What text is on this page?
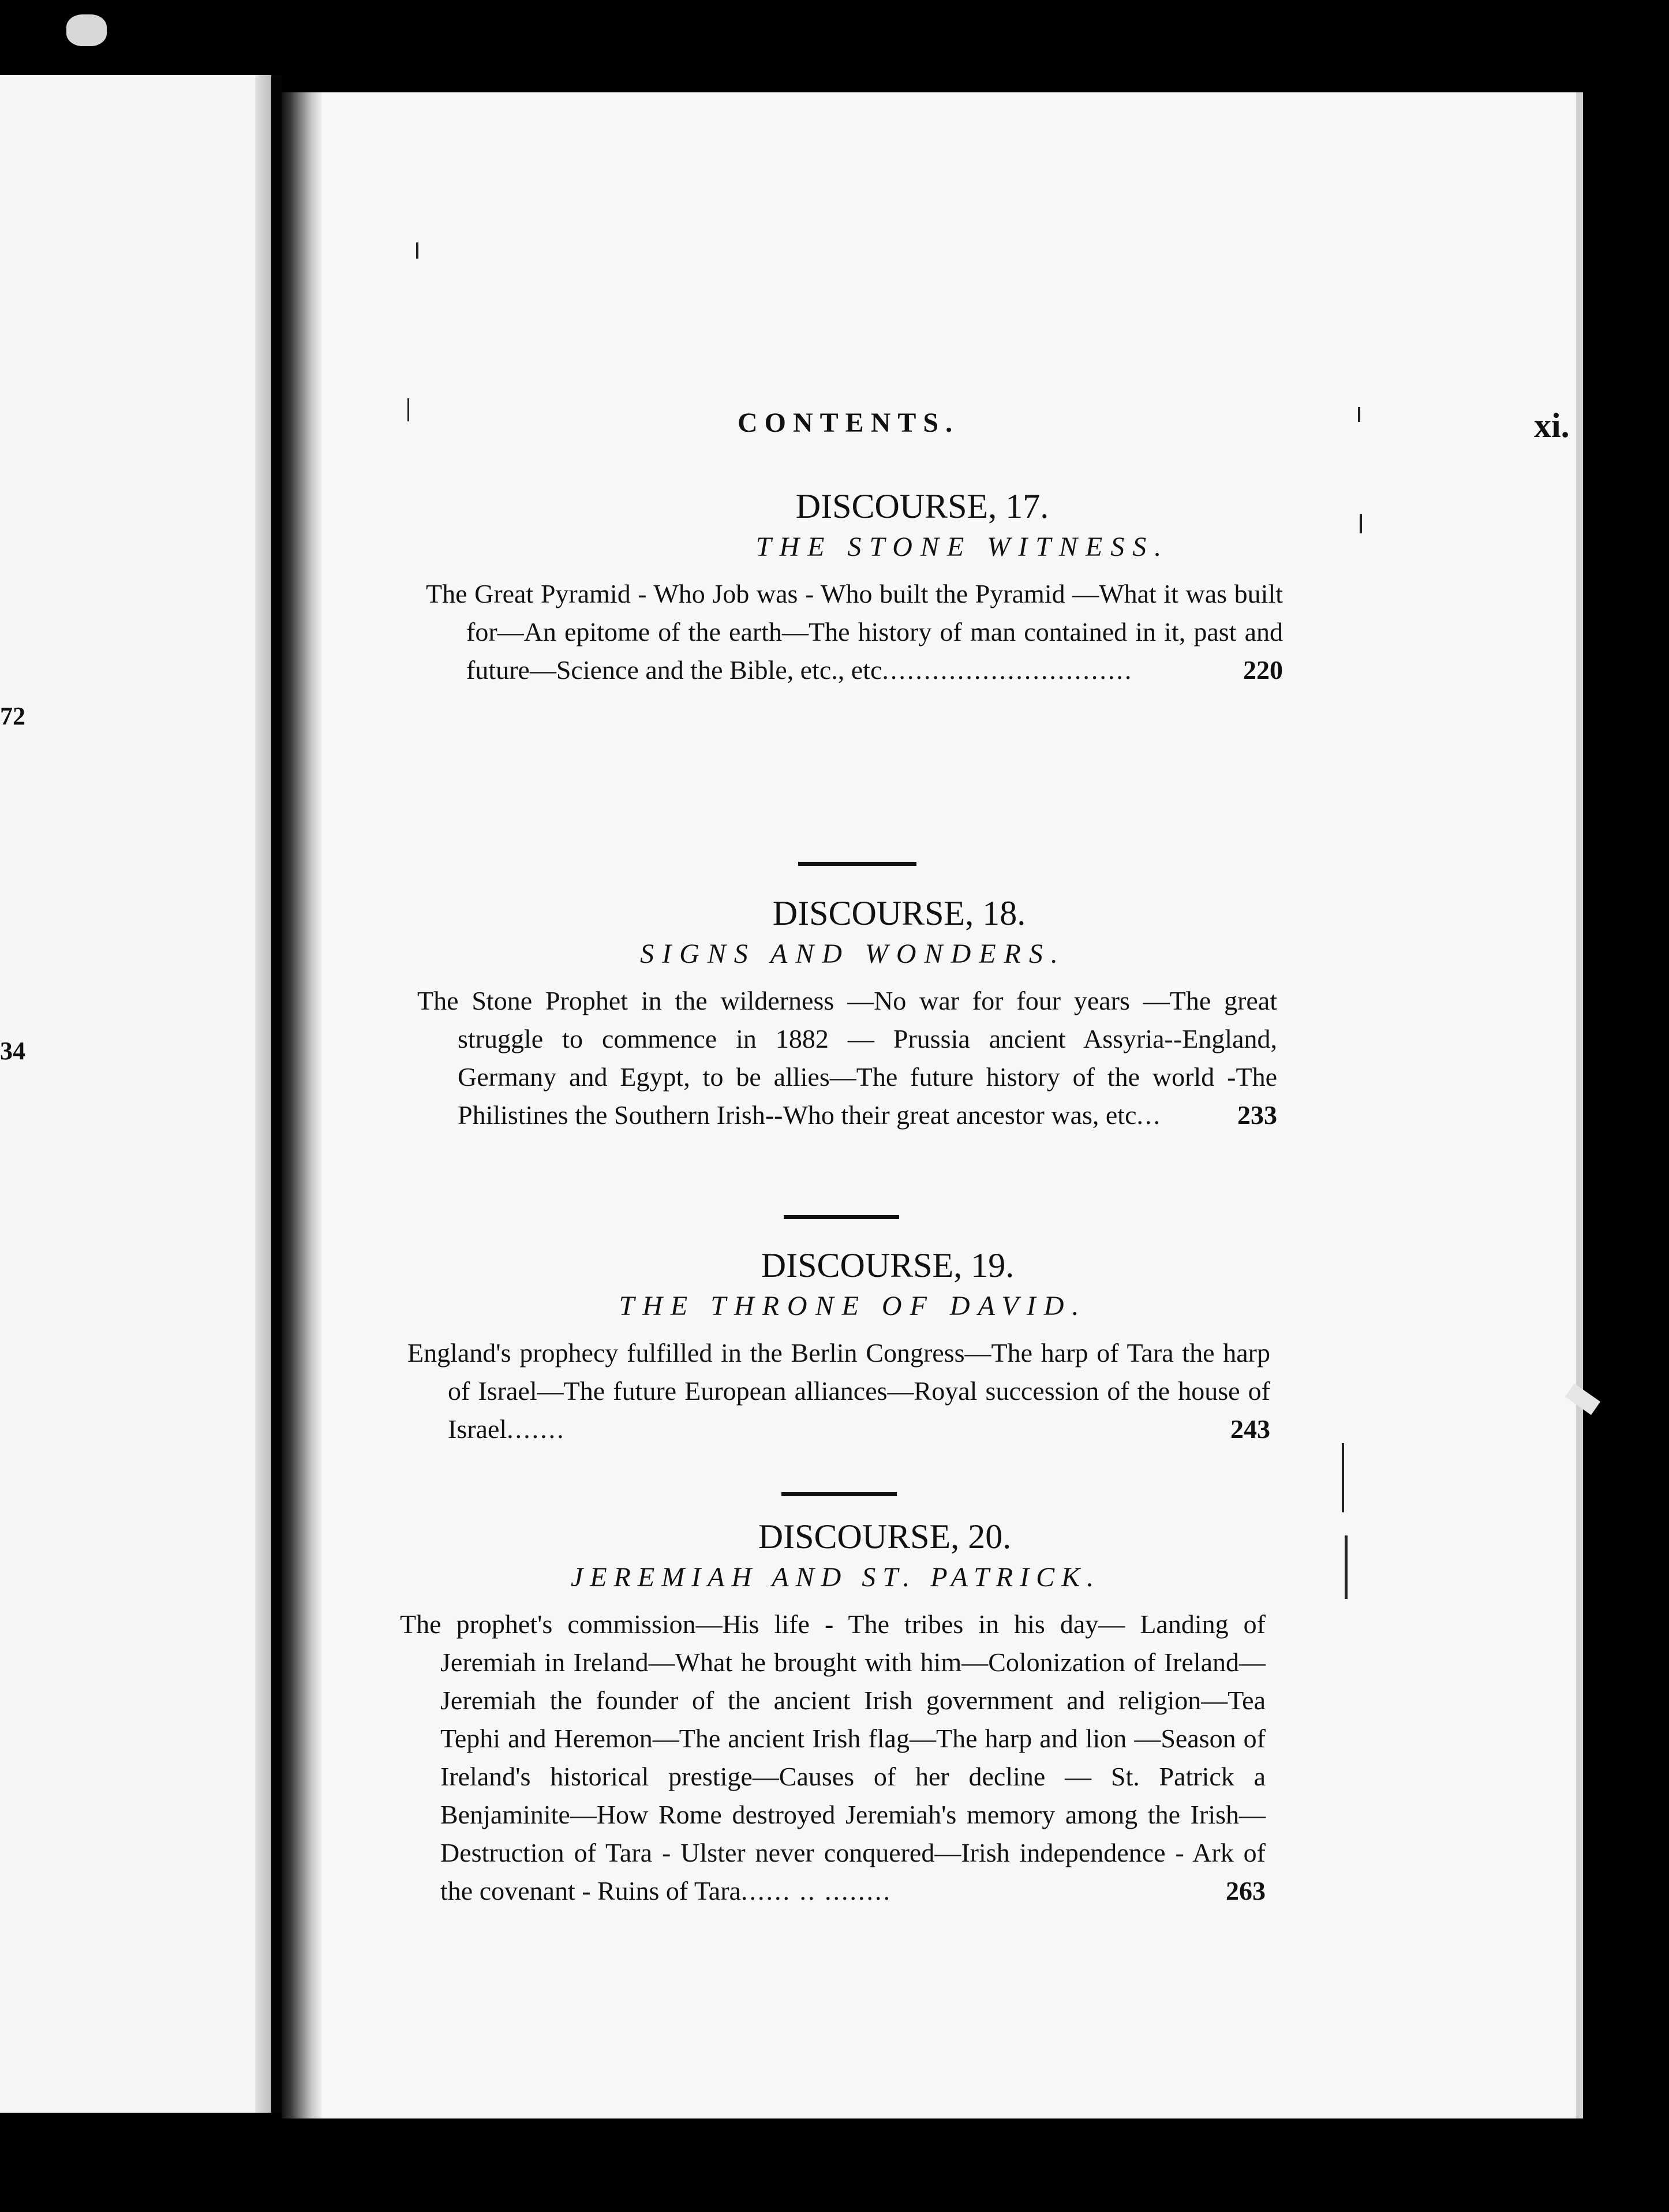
72
34
CONTENTS.	xi.
DISCOURSE, 17.
THE STONE WITNESS.
The Great Pyramid - Who Job was - Who built the Pyramid —What it was built for—An epitome of the earth—The history of man contained in it, past and future—Science and the Bible, etc., etc..............................	220
DISCOURSE, 18.
SIGNS AND WONDERS.
The Stone Prophet in the wilderness —No war for four years —The great struggle to commence in 1882 — Prussia ancient Assyria--England, Germany and Egypt, to be allies—The future history of the world -The Philistines the Southern Irish--Who their great ancestor was, etc...	233
DISCOURSE, 19.
THE THRONE OF DAVID.
England's prophecy fulfilled in the Berlin Congress—The harp of Tara the harp of Israel—The future European alliances—Royal succession of the house of Israel.......	243
DISCOURSE, 20.
JEREMIAH AND ST. PATRICK.
The prophet's commission—His life - The tribes in his day— Landing of Jeremiah in Ireland—What he brought with him—Colonization of Ireland—Jeremiah the founder of the ancient Irish government and religion—Tea Tephi and Heremon—The ancient Irish flag—The harp and lion —Season of Ireland's historical prestige—Causes of her decline — St. Patrick a Benjaminite—How Rome destroyed Jeremiah's memory among the Irish—Destruction of Tara - Ulster never conquered—Irish independence - Ark of the covenant - Ruins of Tara...... .. ........	263
